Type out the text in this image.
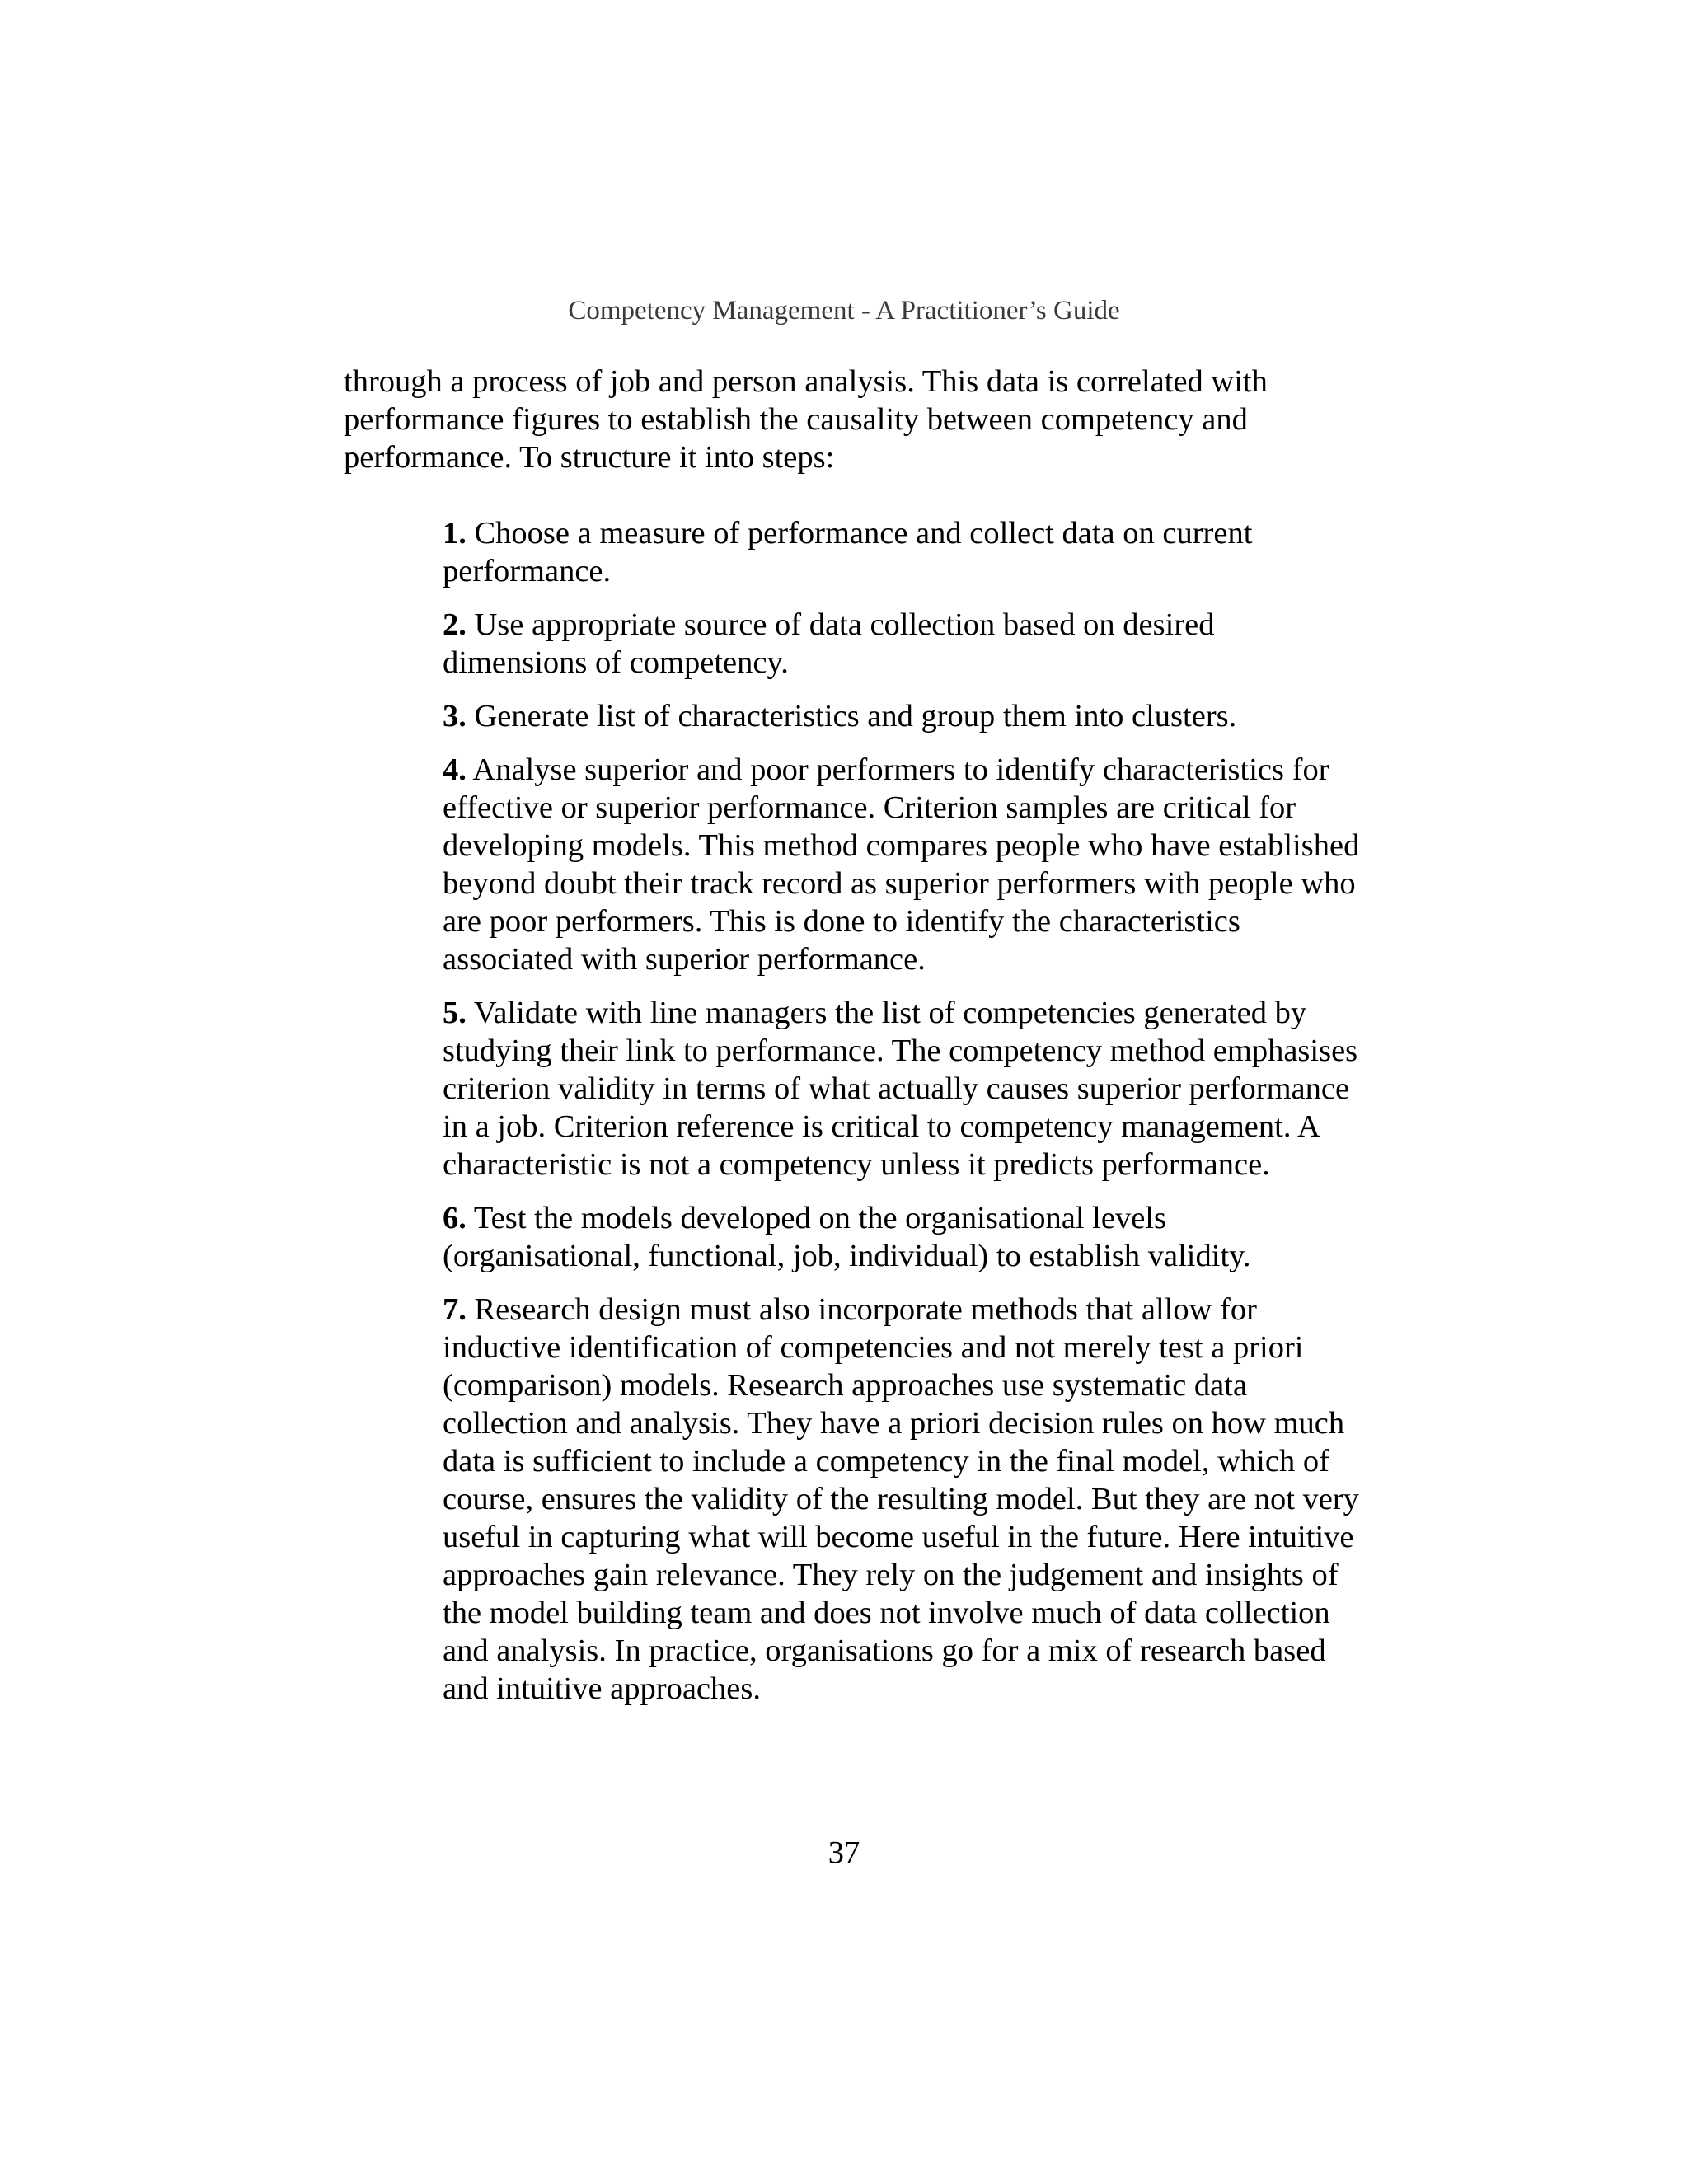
Competency Management - A Practitioner’s Guide

through a process of job and person analysis. This data is correlated with performance figures to establish the causality between competency and performance. To structure it into steps:

1. Choose a measure of performance and collect data on current performance.
2. Use appropriate source of data collection based on desired dimensions of competency.
3. Generate list of characteristics and group them into clusters.
4. Analyse superior and poor performers to identify characteristics for effective or superior performance. Criterion samples are critical for developing models. This method compares people who have established beyond doubt their track record as superior performers with people who are poor performers. This is done to identify the characteristics associated with superior performance.
5. Validate with line managers the list of competencies generated by studying their link to performance. The competency method emphasises criterion validity in terms of what actually causes superior performance in a job. Criterion reference is critical to competency management. A characteristic is not a competency unless it predicts performance.
6. Test the models developed on the organisational levels (organisational, functional, job, individual) to establish validity.
7. Research design must also incorporate methods that allow for inductive identification of competencies and not merely test a priori (comparison) models. Research approaches use systematic data collection and analysis. They have a priori decision rules on how much data is sufficient to include a competency in the final model, which of course, ensures the validity of the resulting model. But they are not very useful in capturing what will become useful in the future. Here intuitive approaches gain relevance. They rely on the judgement and insights of the model building team and does not involve much of data collection and analysis. In practice, organisations go for a mix of research based and intuitive approaches.
37
